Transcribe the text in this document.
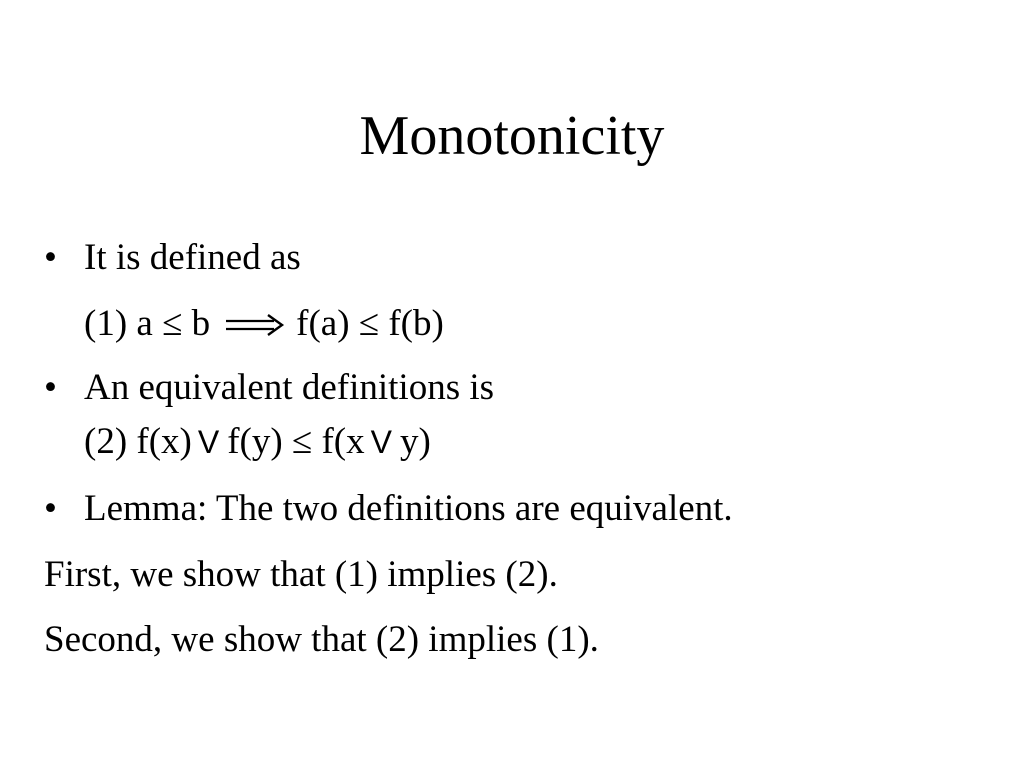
Monotonicity
• It is defined as
(1) a ≤ b f(a) ≤ f(b)
• An equivalent definitions is
(2) f(x) V f(y) ≤ f(x V y)
• Lemma: The two definitions are equivalent.
First, we show that (1) implies (2).
Second, we show that (2) implies (1).
